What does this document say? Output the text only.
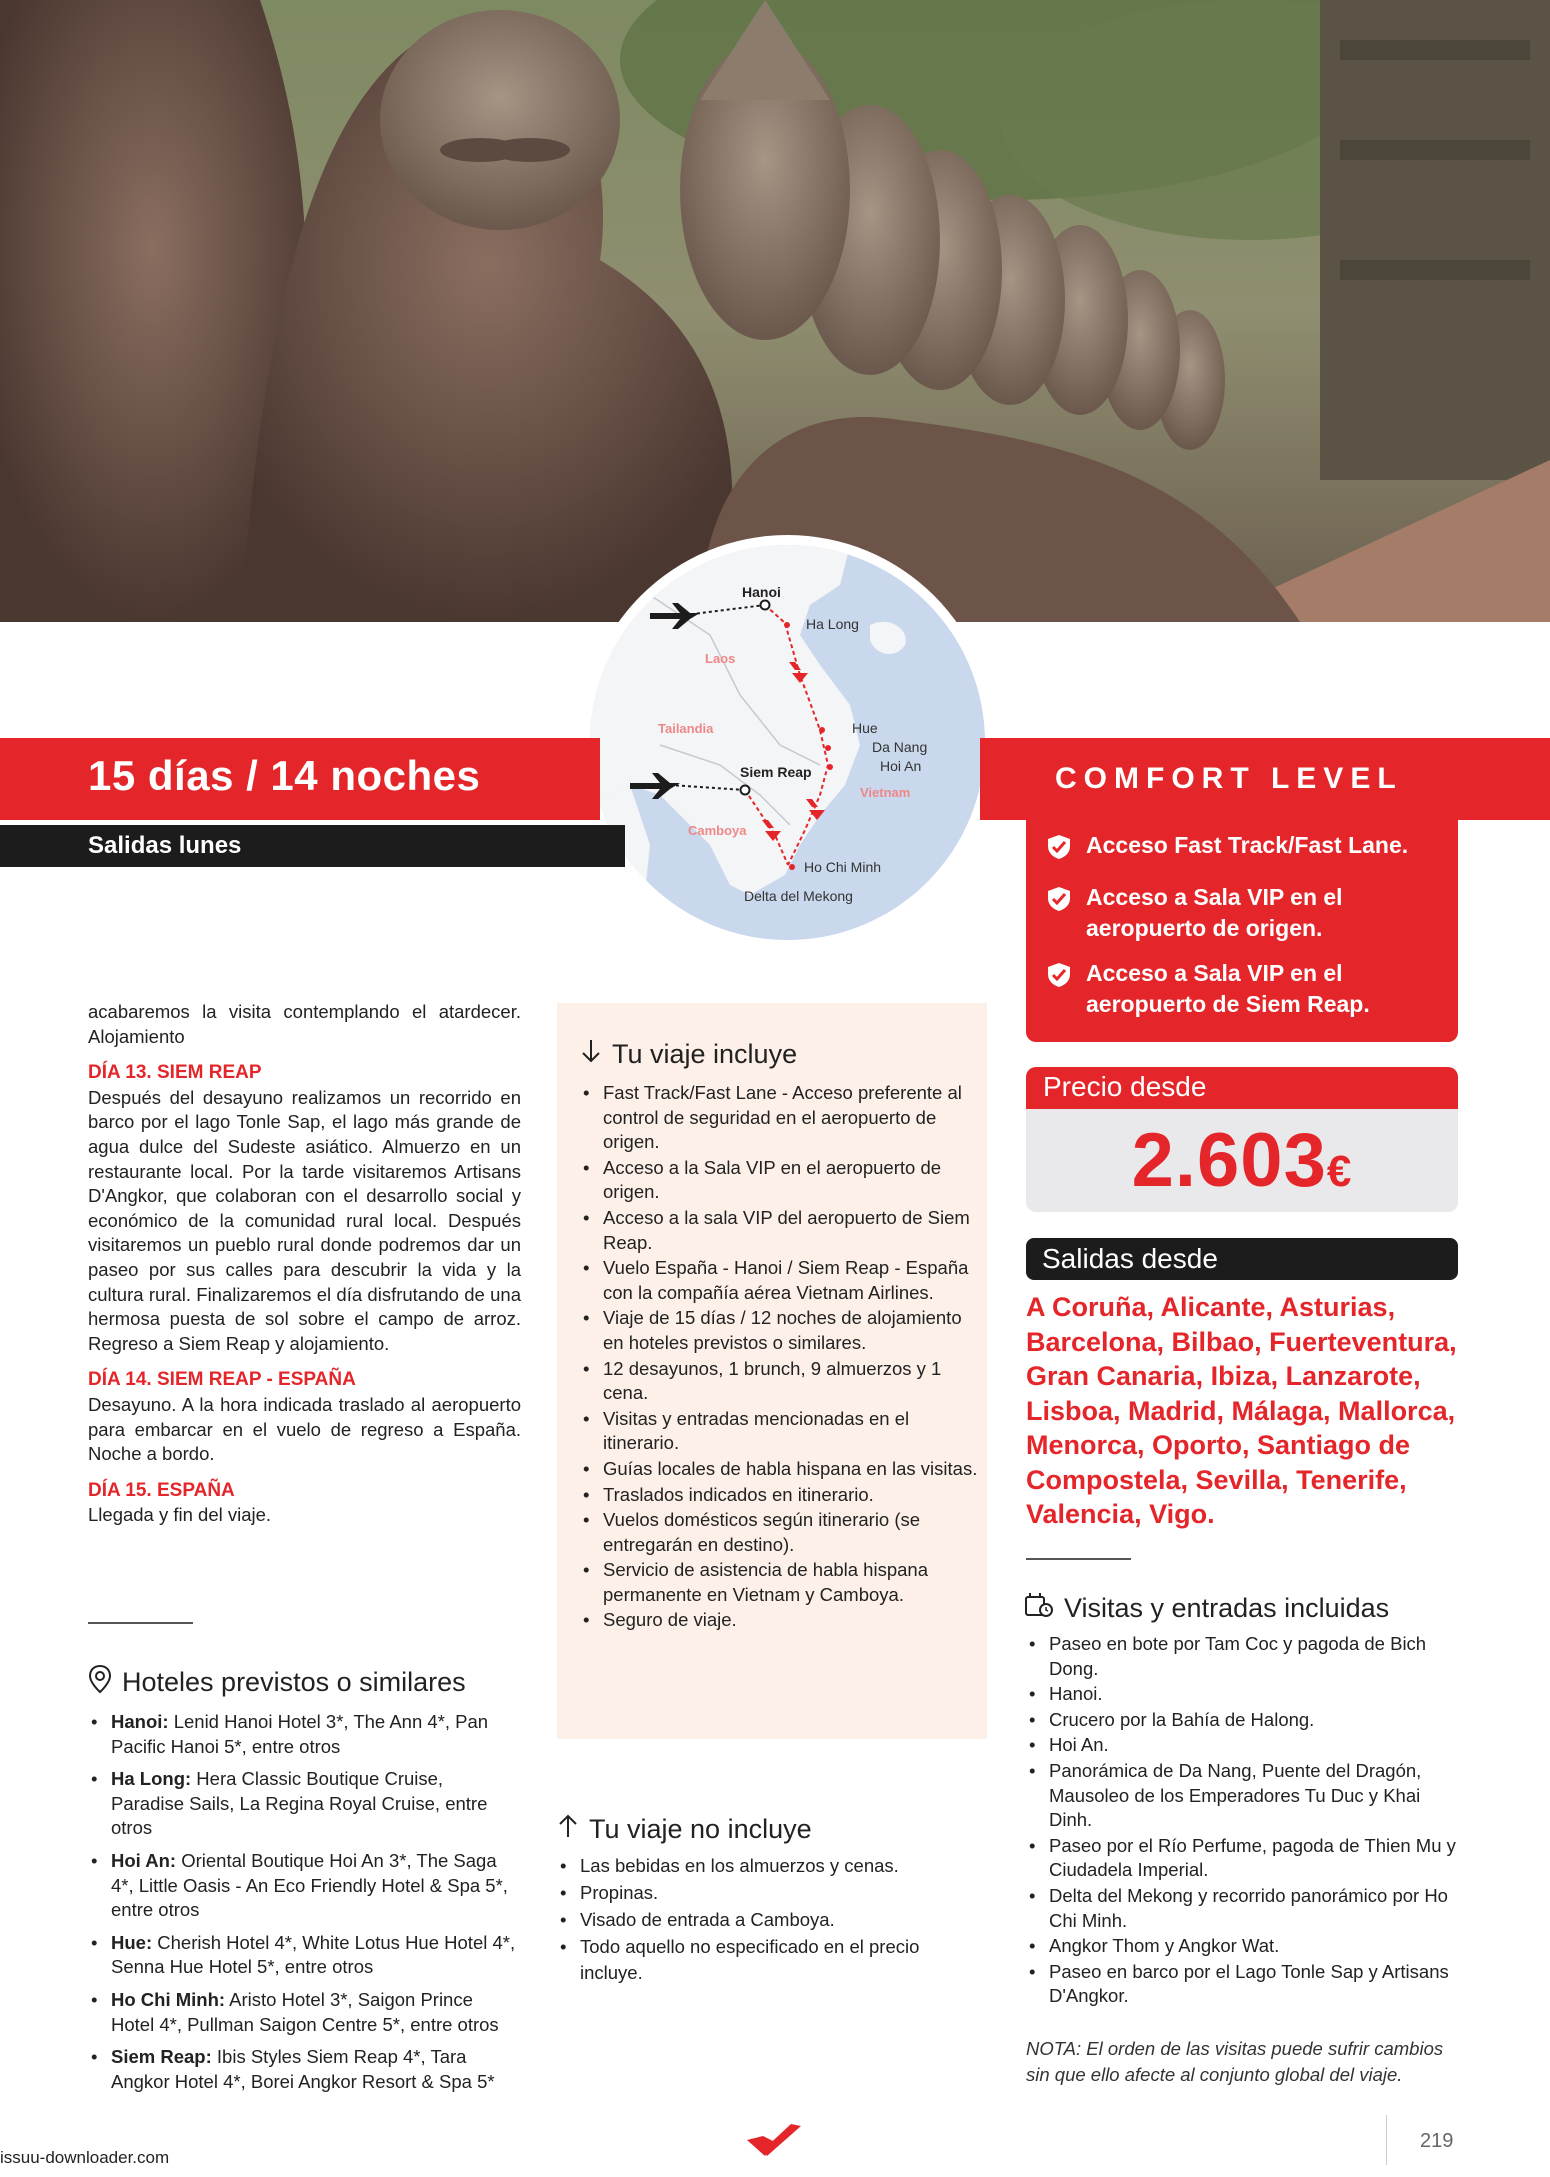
Hanoi
Ha Long
Laos
Tailandia	Hue
Da Nang
Hoi An
Siem Reap
Vietnam
Camboya
Ho Chi Minh
Delta del Mekong
15 días / 14 noches
Salidas lunes
COMFORT LEVEL
Acceso Fast Track/Fast Lane.
Acceso a Sala VIP en el aeropuerto de origen.
Acceso a Sala VIP en el aeropuerto de Siem Reap.
Precio desde
2.603€
Salidas desde
A Coruña, Alicante, Asturias, Barcelona, Bilbao, Fuerteventura, Gran Canaria, Ibiza, Lanzarote, Lisboa, Madrid, Málaga, Mallorca, Menorca, Oporto, Santiago de Compostela, Sevilla, Tenerife, Valencia, Vigo.
Visitas y entradas incluidas
• Paseo en bote por Tam Coc y pagoda de Bich Dong.
• Hanoi.
• Crucero por la Bahía de Halong.
• Hoi An.
• Panorámica de Da Nang, Puente del Dragón, Mausoleo de los Emperadores Tu Duc y Khai Dinh.
• Paseo por el Río Perfume, pagoda de Thien Mu y Ciudadela Imperial.
• Delta del Mekong y recorrido panorámico por Ho Chi Minh.
• Angkor Thom y Angkor Wat.
• Paseo en barco por el Lago Tonle Sap y Artisans D'Angkor.
NOTA: El orden de las visitas puede sufrir cambios sin que ello afecte al conjunto global del viaje.

acabaremos la visita contemplando el atardecer. Alojamiento

DÍA 13. SIEM REAP

Después del desayuno realizamos un recorrido en barco por el lago Tonle Sap, el lago más grande de agua dulce del Sudeste asiático. Almuerzo en un restaurante local. Por la tarde visitaremos Artisans D'Angkor, que colaboran con el desarrollo social y económico de la comunidad rural local. Después visitaremos un pueblo rural donde podremos dar un paseo por sus calles para descubrir la vida y la cultura rural. Finalizaremos el día disfrutando de una hermosa puesta de sol sobre el campo de arroz. Regreso a Siem Reap y alojamiento.

DÍA 14. SIEM REAP - ESPAÑA

Desayuno. A la hora indicada traslado al aeropuerto para embarcar en el vuelo de regreso a España. Noche a bordo.

DÍA 15. ESPAÑA

Llegada y fin del viaje.

Hoteles previstos o similares
• Hanoi: Lenid Hanoi Hotel 3*, The Ann 4*, Pan Pacific Hanoi 5*, entre otros
• Ha Long: Hera Classic Boutique Cruise, Paradise Sails, La Regina Royal Cruise, entre otros
• Hoi An: Oriental Boutique Hoi An 3*, The Saga 4*, Little Oasis - An Eco Friendly Hotel & Spa 5*, entre otros
• Hue: Cherish Hotel 4*, White Lotus Hue Hotel 4*, Senna Hue Hotel 5*, entre otros
• Ho Chi Minh: Aristo Hotel 3*, Saigon Prince Hotel 4*, Pullman Saigon Centre 5*, entre otros
• Siem Reap: Ibis Styles Siem Reap 4*, Tara Angkor Hotel 4*, Borei Angkor Resort & Spa 5*
Tu viaje incluye
• Fast Track/Fast Lane - Acceso preferente al control de seguridad en el aeropuerto de origen.
• Acceso a la Sala VIP en el aeropuerto de origen.
• Acceso a la sala VIP del aeropuerto de Siem Reap.
• Vuelo España - Hanoi / Siem Reap - España con la compañía aérea Vietnam Airlines.
• Viaje de 15 días / 12 noches de alojamiento en hoteles previstos o similares.
• 12 desayunos, 1 brunch, 9 almuerzos y 1 cena.
• Visitas y entradas mencionadas en el itinerario.
• Guías locales de habla hispana en las visitas.
• Traslados indicados en itinerario.
• Vuelos domésticos según itinerario (se entregarán en destino).
• Servicio de asistencia de habla hispana permanente en Vietnam y Camboya.
• Seguro de viaje.
Tu viaje no incluye
• Las bebidas en los almuerzos y cenas.
• Propinas.
• Visado de entrada a Camboya.
• Todo aquello no especificado en el precio incluye.
issuu-downloader.com
219
